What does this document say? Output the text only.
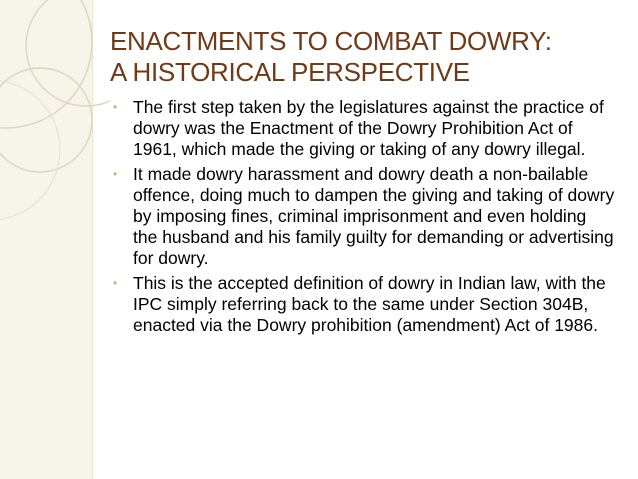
ENACTMENTS TO COMBAT DOWRY:
A HISTORICAL PERSPECTIVE
• The first step taken by the legislatures against the practice of dowry was the Enactment of the Dowry Prohibition Act of 1961, which made the giving or taking of any dowry illegal.
• It made dowry harassment and dowry death a non-bailable offence, doing much to dampen the giving and taking of dowry by imposing fines, criminal imprisonment and even holding the husband and his family guilty for demanding or advertising for dowry.
• This is the accepted definition of dowry in Indian law, with the IPC simply referring back to the same under Section 304B, enacted via the Dowry prohibition (amendment) Act of 1986.
